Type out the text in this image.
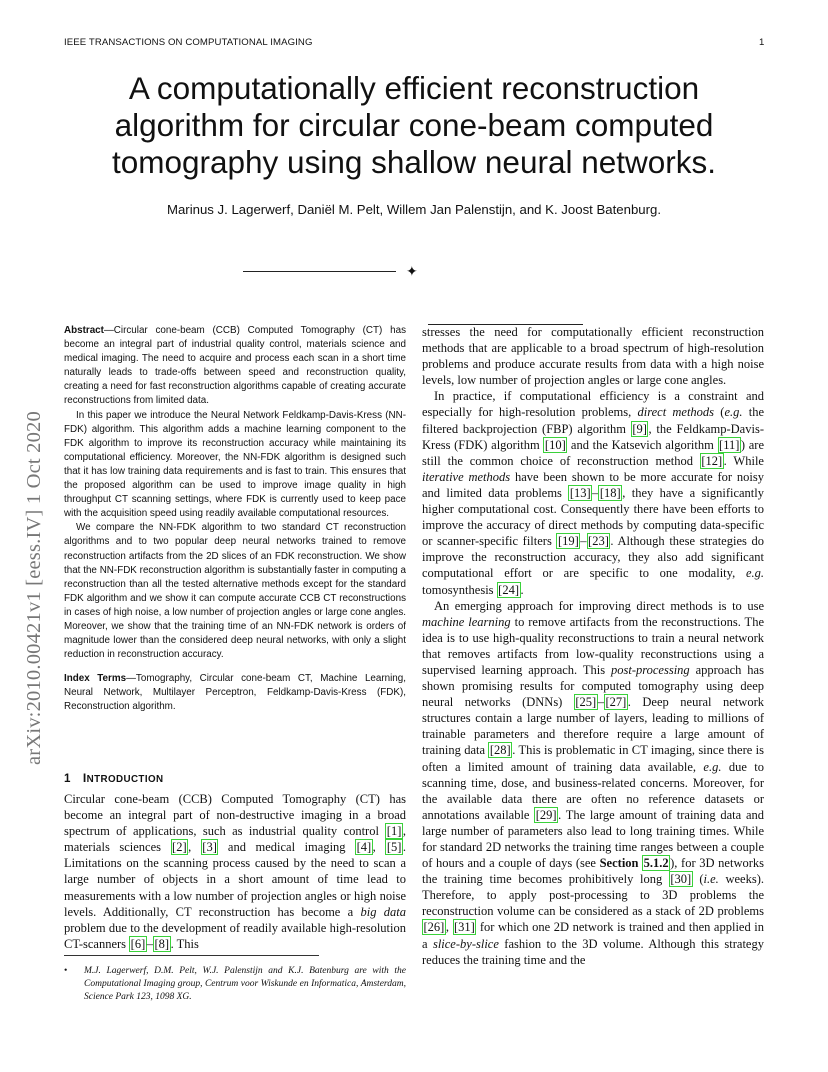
IEEE TRANSACTIONS ON COMPUTATIONAL IMAGING	1
A computationally efficient reconstruction
algorithm for circular cone-beam computed
tomography using shallow neural networks.
Marinus J. Lagerwerf, Daniël M. Pelt, Willem Jan Palenstijn, and K. Joost Batenburg.
✦
arXiv:2010.00421v1 [eess.IV] 1 Oct 2020

Abstract—Circular cone-beam (CCB) Computed Tomography (CT) has become an integral part of industrial quality control, materials science and medical imaging. The need to acquire and process each scan in a short time naturally leads to trade-offs between speed and reconstruction quality, creating a need for fast reconstruction algorithms capable of creating accurate reconstructions from limited data.

In this paper we introduce the Neural Network Feldkamp-Davis-Kress (NN-FDK) algorithm. This algorithm adds a machine learning component to the FDK algorithm to improve its reconstruction accuracy while maintaining its computational efficiency. Moreover, the NN-FDK algorithm is designed such that it has low training data requirements and is fast to train. This ensures that the proposed algorithm can be used to improve image quality in high throughput CT scanning settings, where FDK is currently used to keep pace with the acquisition speed using readily available computational resources.

We compare the NN-FDK algorithm to two standard CT reconstruction algorithms and to two popular deep neural networks trained to remove reconstruction artifacts from the 2D slices of an FDK reconstruction. We show that the NN-FDK reconstruction algorithm is substantially faster in computing a reconstruction than all the tested alternative methods except for the standard FDK algorithm and we show it can compute accurate CCB CT reconstructions in cases of high noise, a low number of projection angles or large cone angles. Moreover, we show that the training time of an NN-FDK network is orders of magnitude lower than the considered deep neural networks, with only a slight reduction in reconstruction accuracy.

Index Terms—Tomography, Circular cone-beam CT, Machine Learning, Neural Network, Multilayer Perceptron, Feldkamp-Davis-Kress (FDK), Reconstruction algorithm.

1 INTRODUCTION

Circular cone-beam (CCB) Computed Tomography (CT) has become an integral part of non-destructive imaging in a broad spectrum of applications, such as industrial quality control [1] , materials sciences [2] , [3] and medical imaging [4] , [5] . Limitations on the scanning process caused by the need to scan a large number of objects in a short amount of time lead to measurements with a low number of projection angles or high noise levels. Additionally, CT reconstruction has become a big data problem due to the development of readily available high-resolution CT-scanners [6] – [8] . This

• M.J. Lagerwerf, D.M. Pelt, W.J. Palenstijn and K.J. Batenburg are with the Computational Imaging group, Centrum voor Wiskunde en Informatica, Amsterdam, Science Park 123, 1098 XG.

stresses the need for computationally efficient reconstruction methods that are applicable to a broad spectrum of high-resolution problems and produce accurate results from data with a high noise levels, low number of projection angles or large cone angles.

In practice, if computational efficiency is a constraint and especially for high-resolution problems, direct methods (e.g. the filtered backprojection (FBP) algorithm [9] , the Feldkamp-Davis-Kress (FDK) algorithm [10] and the Katsevich algorithm [11] ) are still the common choice of reconstruction method [12] . While iterative methods have been shown to be more accurate for noisy and limited data problems [13] – [18] , they have a significantly higher computational cost. Consequently there have been efforts to improve the accuracy of direct methods by computing data-specific or scanner-specific filters [19] – [23] . Although these strategies do improve the reconstruction accuracy, they also add significant computational effort or are specific to one modality, e.g. tomosynthesis [24] .

An emerging approach for improving direct methods is to use machine learning to remove artifacts from the reconstructions. The idea is to use high-quality reconstructions to train a neural network that removes artifacts from low-quality reconstructions using a supervised learning approach. This post-processing approach has shown promising results for computed tomography using deep neural networks (DNNs) [25] – [27] . Deep neural network structures contain a large number of layers, leading to millions of trainable parameters and therefore require a large amount of training data [28] . This is problematic in CT imaging, since there is often a limited amount of training data available, e.g. due to scanning time, dose, and business-related concerns. Moreover, for the available data there are often no reference datasets or annotations available [29] . The large amount of training data and large number of parameters also lead to long training times. While for standard 2D networks the training time ranges between a couple of hours and a couple of days (see Section 5.1.2 ), for 3D networks the training time becomes prohibitively long [30] (i.e. weeks). Therefore, to apply post-processing to 3D problems the reconstruction volume can be considered as a stack of 2D problems [26] , [31] for which one 2D network is trained and then applied in a slice-by-slice fashion to the 3D volume. Although this strategy reduces the training time and the
